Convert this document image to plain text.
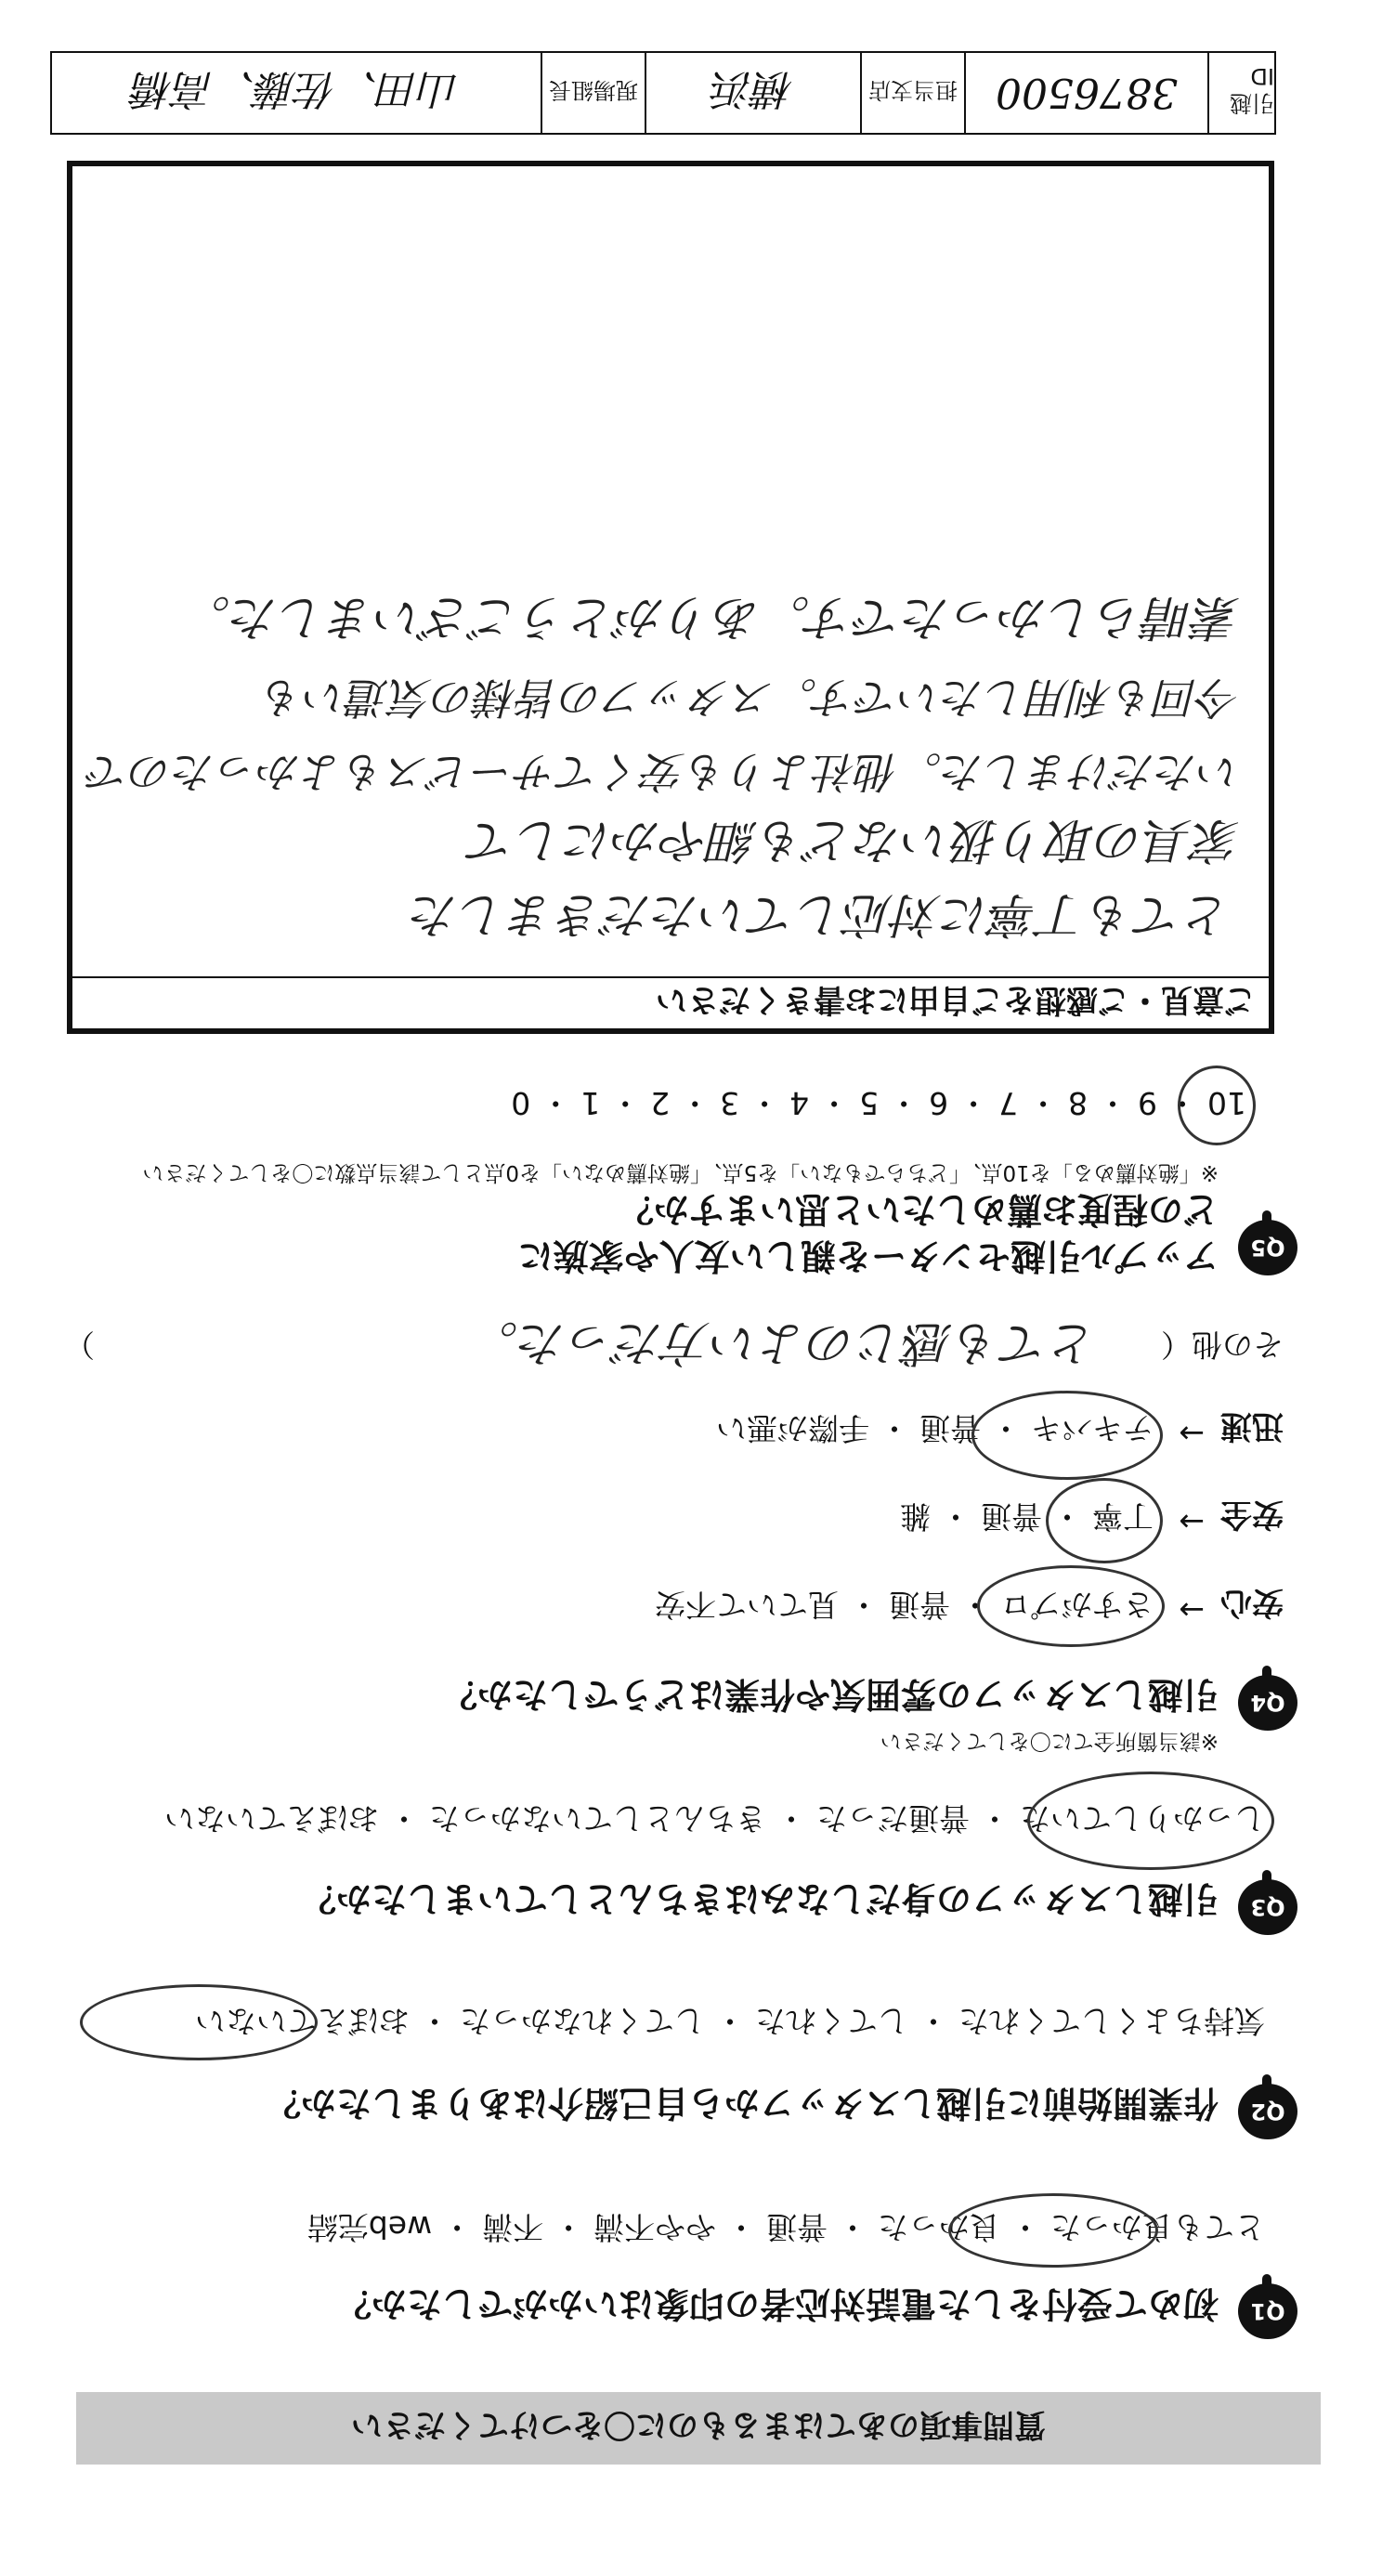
質問事項のあてはまるものに〇をつけてください
Q1
初めて受付をした電話対応者の印象はいかがでしたか？
とても良かった ・ 良かった ・ 普通 ・ やや不満 ・ 不満 ・ web完結
Q2
作業開始前に引越しスタッフから自己紹介はありましたか？
気持ちよくしてくれた ・ してくれた ・ してくれなかった ・ おぼえていない
Q3
引越しスタッフの身だしなみはきちんとしていましたか？
しっかりしていた ・ 普通だった ・ きちんとしていなかった ・ おぼえていない
Q4
引越しスタッフの雰囲気や作業はどうでしたか？
※該当箇所全てに〇をしてください
安心
→
さすがプロ ・ 普通 ・ 見ていて不安
安全
→
丁寧 ・ 普通 ・ 雑
迅速
→
テキパキ ・ 普通 ・ 手際が悪い
その他（
とても感じのよい方だった。
）
Q5
アップル引越センターを親しい友人や家族に
どの程度お薦めしたいと思いますか？
※「絶対薦める」を10点、「どちらでもない」を5点、「絶対薦めない」を0点として該当点数に〇をしてください
10 ・ 9 ・ 8 ・ 7 ・ 6 ・ 5 ・ 4 ・ 3 ・ 2 ・ 1 ・ 0
ご意見・ご感想をご自由にお書きください
とても丁寧に対応していただきました
家具の取り扱いなども細やかにして
いただけました。他社よりも安くてサービスもよかったので
今回も利用したいです。スタッフの皆様の気遣いも
素晴らしかったです。ありがとうございました。
引越ID
3876500
担当支店
横浜
現場組長
山田、佐藤、高橋
